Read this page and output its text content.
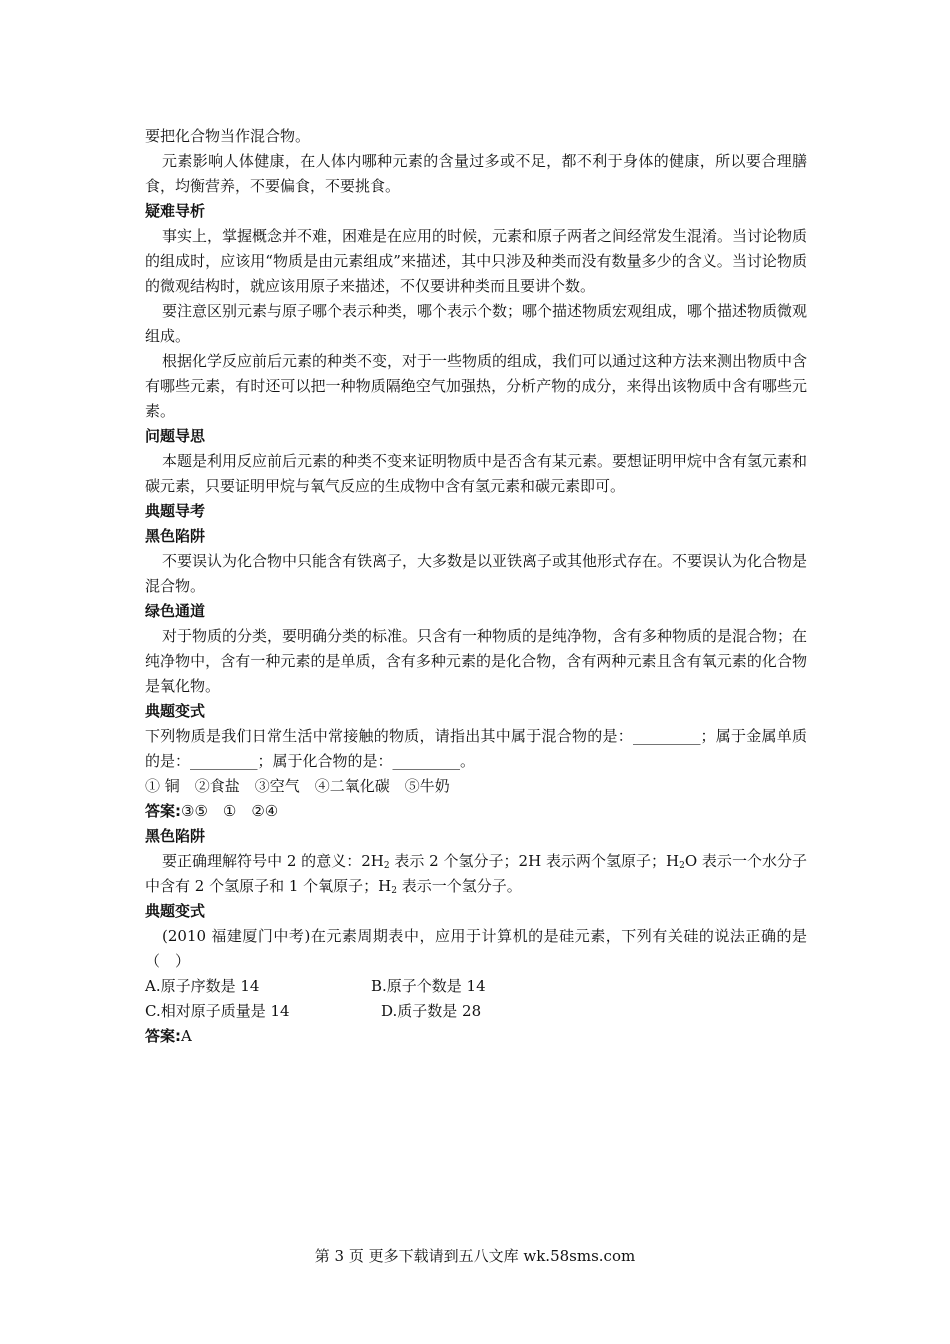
要把化合物当作混合物。

元素影响人体健康，在人体内哪种元素的含量过多或不足，都不利于身体的健康，所以要合理膳食，均衡营养，不要偏食，不要挑食。

疑难导析

事实上，掌握概念并不难，困难是在应用的时候，元素和原子两者之间经常发生混淆。当讨论物质的组成时，应该用“物质是由元素组成”来描述，其中只涉及种类而没有数量多少的含义。当讨论物质的微观结构时，就应该用原子来描述，不仅要讲种类而且要讲个数。

要注意区别元素与原子哪个表示种类，哪个表示个数；哪个描述物质宏观组成，哪个描述物质微观组成。

根据化学反应前后元素的种类不变，对于一些物质的组成，我们可以通过这种方法来测出物质中含有哪些元素，有时还可以把一种物质隔绝空气加强热，分析产物的成分，来得出该物质中含有哪些元素。

问题导思

本题是利用反应前后元素的种类不变来证明物质中是否含有某元素。要想证明甲烷中含有氢元素和碳元素，只要证明甲烷与氧气反应的生成物中含有氢元素和碳元素即可。

典题导考

黑色陷阱

不要误认为化合物中只能含有铁离子，大多数是以亚铁离子或其他形式存在。不要误认为化合物是混合物。

绿色通道

对于物质的分类，要明确分类的标准。只含有一种物质的是纯净物，含有多种物质的是混合物；在纯净物中，含有一种元素的是单质，含有多种元素的是化合物，含有两种元素且含有氧元素的化合物是氧化物。

典题变式

下列物质是我们日常生活中常接触的物质，请指出其中属于混合物的是：_________；属于金属单质的是：_________；属于化合物的是：_________。

① 铜　②食盐　③空气　④二氧化碳　⑤牛奶

答案:③⑤　①　②④

黑色陷阱

要正确理解符号中 2 的意义：$2H_2$ 表示 2 个氢分子；2H 表示两个氢原子；$H_2O$ 表示一个水分子中含有 2 个氢原子和 1 个氧原子；$H_2$ 表示一个氢分子。

典题变式

(2010 福建厦门中考)在元素周期表中，应用于计算机的是硅元素，下列有关硅的说法正确的是（　）

A.原子序数是 14	B.原子个数是 14
C.相对原子质量是 14	D.质子数是 28

答案:A

第 3 页 更多下载请到五八文库 wk.58sms.com
